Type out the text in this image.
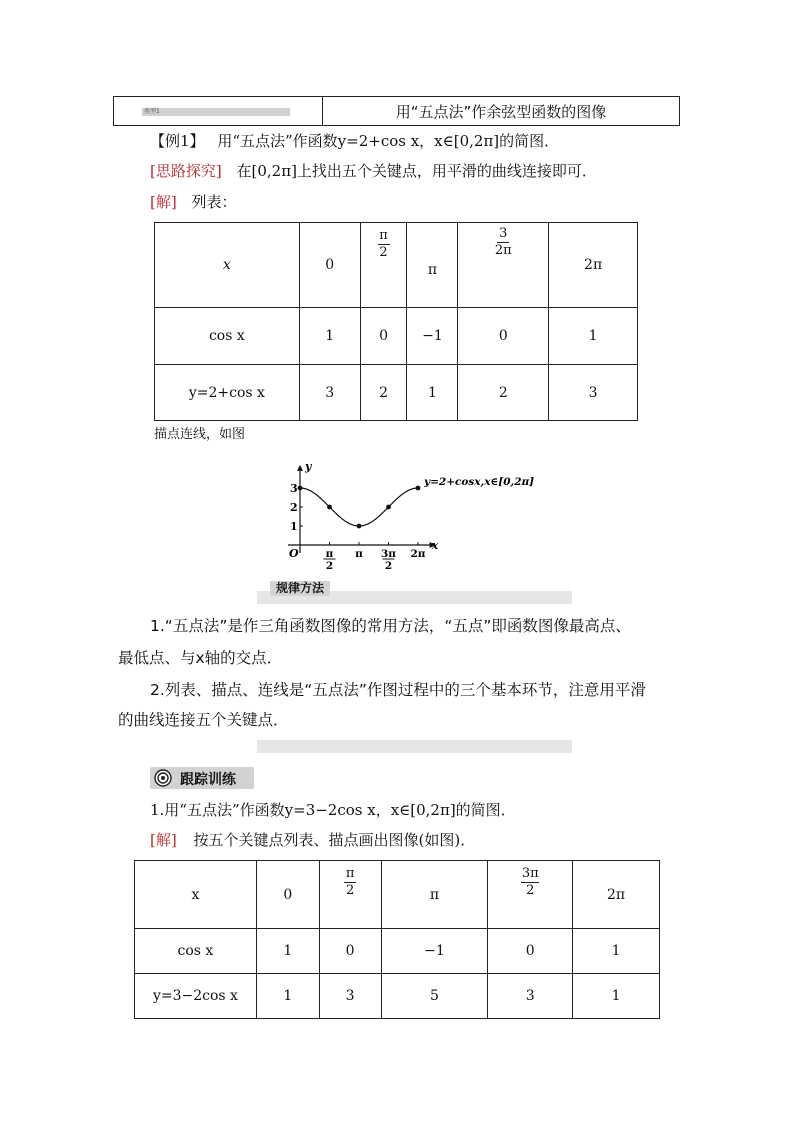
类型1	用“五点法”作余弦型函数的图像
【例1】 用“五点法”作函数y=2+cos x，x∈[0,2π]的简图．
[思路探究] 在[0,2π]上找出五个关键点，用平滑的曲线连接即可．
[解] 列表：
x	0	$\frac{\pi}{2}$	π	$\frac{3}{2\pi}$	2π
cos x	1	0	−1	0	1
y=2+cos x	3	2	1	2	3
描点连线，如图
x
y
O
1
2
3
π
2
π 3π
2
2π
y=2+cosx,x∈[0,2π]
规律方法
1.“五点法”是作三角函数图像的常用方法，“五点”即函数图像最高点、
最低点、与x轴的交点．
2.列表、描点、连线是“五点法”作图过程中的三个基本环节，注意用平滑
的曲线连接五个关键点．
跟踪训练
1.用“五点法”作函数y=3−2cos x，x∈[0,2π]的简图．
[解] 按五个关键点列表、描点画出图像(如图)．
x	0	$\frac{\pi}{2}$	π	$\frac{3\pi}{2}$	2π
cos x	1	0	−1	0	1
y=3−2cos x	1	3	5	3	1
